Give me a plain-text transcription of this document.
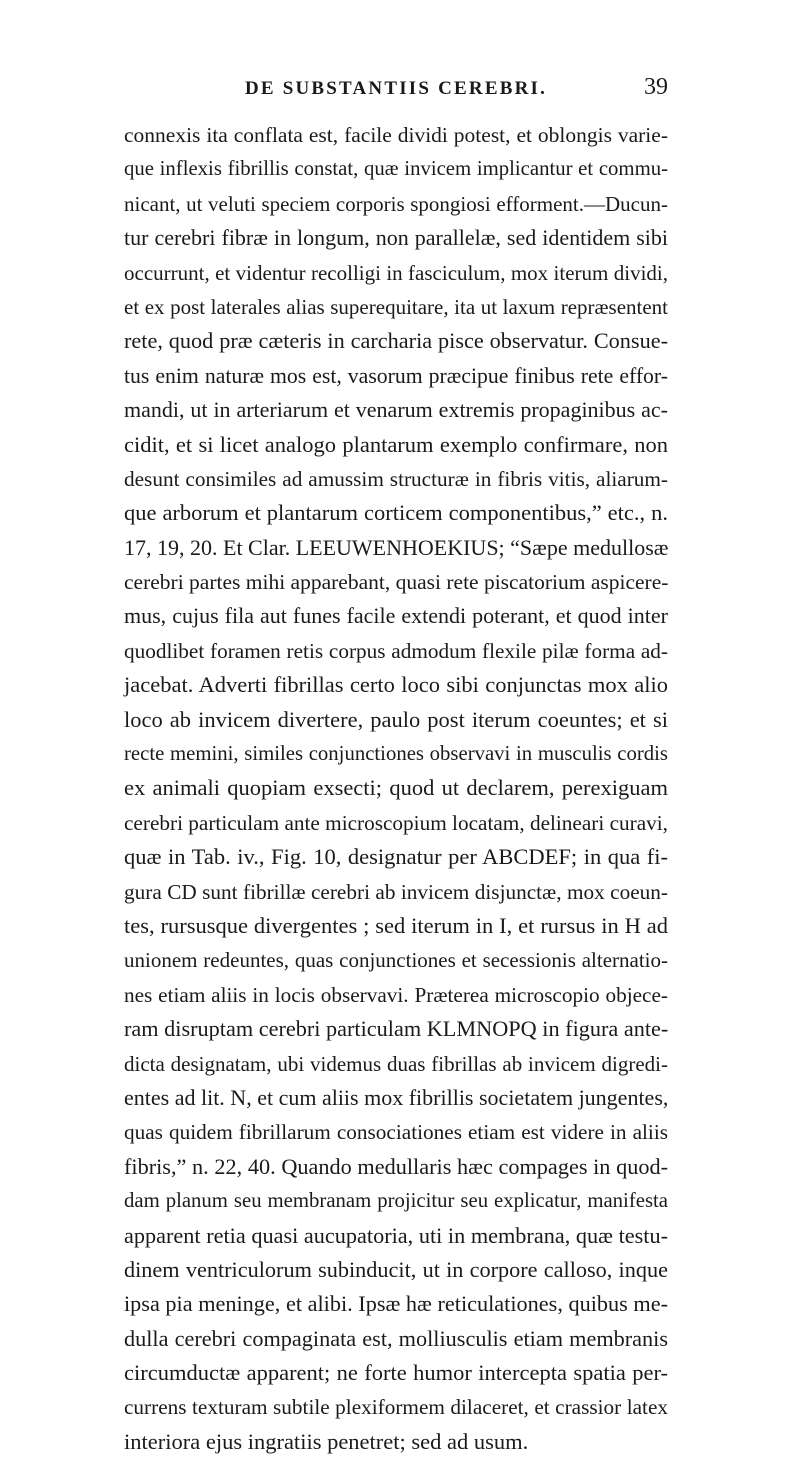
DE SUBSTANTIIS CEREBRI.	39
connexis ita conflata est, facile dividi potest, et oblongis varie-
que inflexis fibrillis constat, quæ invicem implicantur et commu-
nicant, ut veluti speciem corporis spongiosi efforment.—Ducun-
tur cerebri fibræ in longum, non parallelæ, sed identidem sibi
occurrunt, et videntur recolligi in fasciculum, mox iterum dividi,
et ex post laterales alias superequitare, ita ut laxum repræsentent
rete, quod præ cæteris in carcharia pisce observatur. Consue-
tus enim naturæ mos est, vasorum præcipue finibus rete effor-
mandi, ut in arteriarum et venarum extremis propaginibus ac-
cidit, et si licet analogo plantarum exemplo confirmare, non
desunt consimiles ad amussim structuræ in fibris vitis, aliarum-
que arborum et plantarum corticem componentibus,” etc., n.
17, 19, 20. Et Clar. LEEUWENHOEKIUS; “Sæpe medullosæ
cerebri partes mihi apparebant, quasi rete piscatorium aspicere-
mus, cujus fila aut funes facile extendi poterant, et quod inter
quodlibet foramen retis corpus admodum flexile pilæ forma ad-
jacebat. Adverti fibrillas certo loco sibi conjunctas mox alio
loco ab invicem divertere, paulo post iterum coeuntes; et si
recte memini, similes conjunctiones observavi in musculis cordis
ex animali quopiam exsecti; quod ut declarem, perexiguam
cerebri particulam ante microscopium locatam, delineari curavi,
quæ in Tab. iv., Fig. 10, designatur per ABCDEF; in qua fi-
gura CD sunt fibrillæ cerebri ab invicem disjunctæ, mox coeun-
tes, rursusque divergentes ; sed iterum in I, et rursus in H ad
unionem redeuntes, quas conjunctiones et secessionis alternatio-
nes etiam aliis in locis observavi. Præterea microscopio objece-
ram disruptam cerebri particulam KLMNOPQ in figura ante-
dicta designatam, ubi videmus duas fibrillas ab invicem digredi-
entes ad lit. N, et cum aliis mox fibrillis societatem jungentes,
quas quidem fibrillarum consociationes etiam est videre in aliis
fibris,” n. 22, 40. Quando medullaris hæc compages in quod-
dam planum seu membranam projicitur seu explicatur, manifesta
apparent retia quasi aucupatoria, uti in membrana, quæ testu-
dinem ventriculorum subinducit, ut in corpore calloso, inque
ipsa pia meninge, et alibi. Ipsæ hæ reticulationes, quibus me-
dulla cerebri compaginata est, molliusculis etiam membranis
circumductæ apparent; ne forte humor intercepta spatia per-
currens texturam subtile plexiformem dilaceret, et crassior latex
interiora ejus ingratiis penetret; sed ad usum.
